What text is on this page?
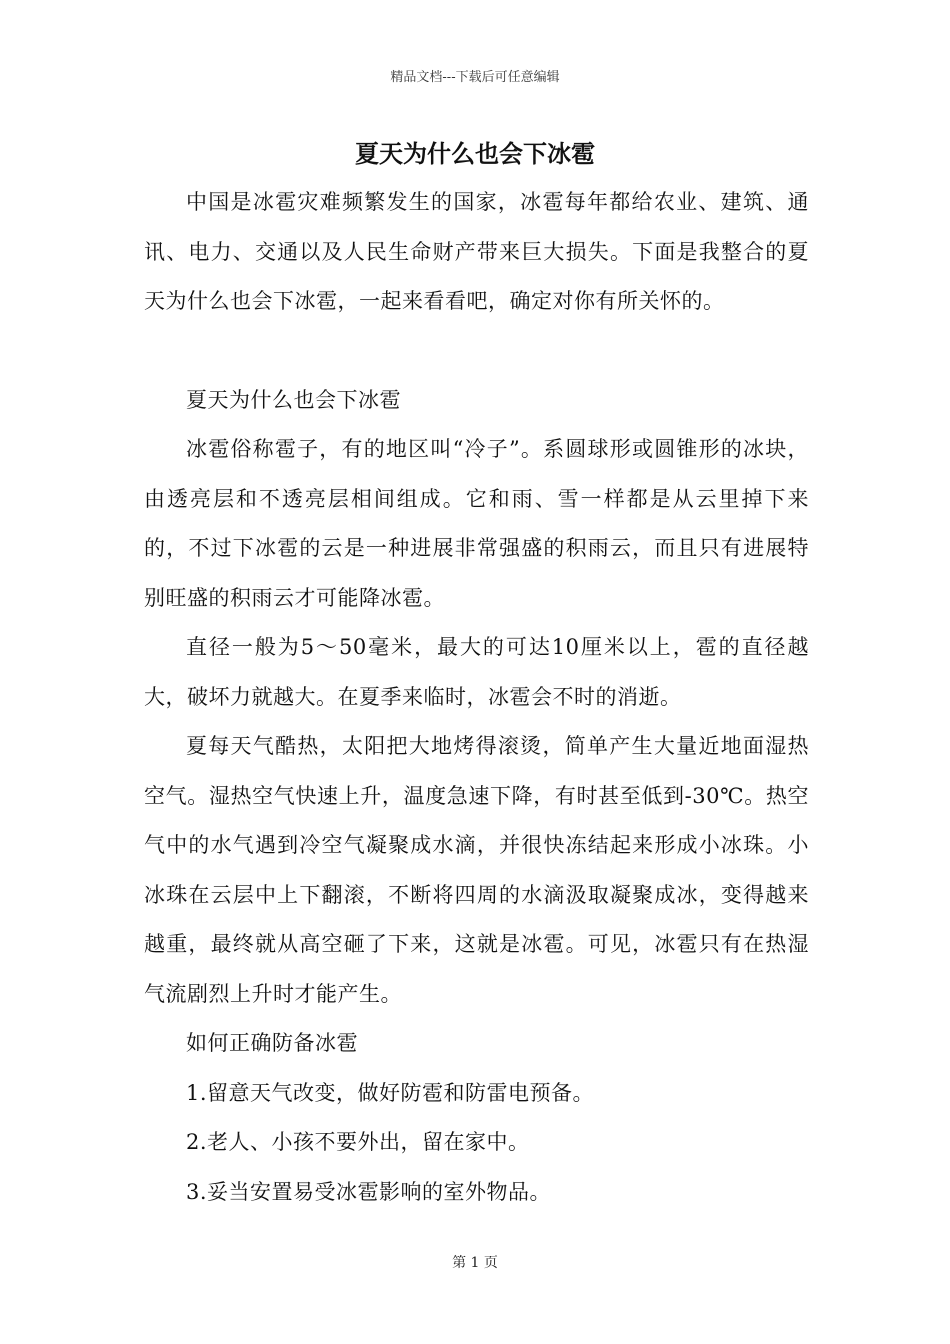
精品文档---下载后可任意编辑
夏天为什么也会下冰雹

中国是冰雹灾难频繁发生的国家，冰雹每年都给农业、建筑、通讯、电力、交通以及人民生命财产带来巨大损失。下面是我整合的夏天为什么也会下冰雹，一起来看看吧，确定对你有所关怀的。

夏天为什么也会下冰雹

冰雹俗称雹子，有的地区叫“冷子”。系圆球形或圆锥形的冰块，由透亮层和不透亮层相间组成。它和雨、雪一样都是从云里掉下来的，不过下冰雹的云是一种进展非常强盛的积雨云，而且只有进展特别旺盛的积雨云才可能降冰雹。

直径一般为5～50毫米，最大的可达10厘米以上，雹的直径越大，破坏力就越大。在夏季来临时，冰雹会不时的消逝。

夏每天气酷热，太阳把大地烤得滚烫，简单产生大量近地面湿热空气。湿热空气快速上升，温度急速下降，有时甚至低到-30℃。热空气中的水气遇到冷空气凝聚成水滴，并很快冻结起来形成小冰珠。小冰珠在云层中上下翻滚，不断将四周的水滴汲取凝聚成冰，变得越来越重，最终就从高空砸了下来，这就是冰雹。可见，冰雹只有在热湿气流剧烈上升时才能产生。

如何正确防备冰雹

1.留意天气改变，做好防雹和防雷电预备。

2.老人、小孩不要外出，留在家中。

3.妥当安置易受冰雹影响的室外物品。

第 1 页
